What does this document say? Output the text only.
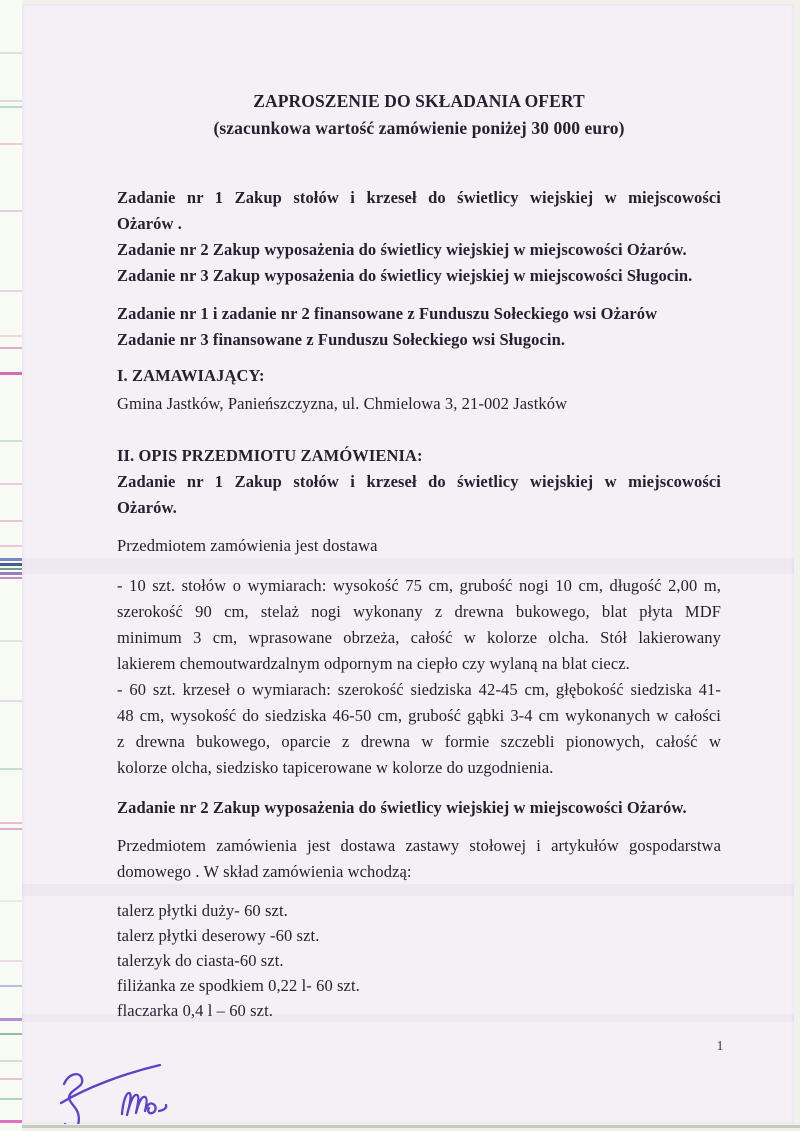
ZAPROSZENIE DO SKŁADANIA OFERT
(szacunkowa wartość zamówienie poniżej 30 000 euro)
Zadanie nr 1 Zakup stołów i krzeseł do świetlicy wiejskiej w miejscowości
Ożarów .
Zadanie nr 2 Zakup wyposażenia do świetlicy wiejskiej w miejscowości Ożarów.
Zadanie nr 3 Zakup wyposażenia do świetlicy wiejskiej w miejscowości Sługocin.
Zadanie nr 1 i zadanie nr 2 finansowane z Funduszu Sołeckiego wsi Ożarów
Zadanie nr 3 finansowane z Funduszu Sołeckiego wsi Sługocin.
I. ZAMAWIAJĄCY:
Gmina Jastków, Panieńszczyzna, ul. Chmielowa 3, 21-002 Jastków
II. OPIS PRZEDMIOTU ZAMÓWIENIA:
Zadanie nr 1 Zakup stołów i krzeseł do świetlicy wiejskiej w miejscowości
Ożarów.
Przedmiotem zamówienia jest dostawa
- 10 szt. stołów o wymiarach: wysokość 75 cm, grubość nogi 10 cm, długość 2,00 m,
szerokość 90 cm, stelaż nogi wykonany z drewna bukowego, blat płyta MDF
minimum 3 cm, wprasowane obrzeża, całość w kolorze olcha. Stół lakierowany
lakierem chemoutwardzalnym odpornym na ciepło czy wylaną na blat ciecz.
- 60 szt. krzeseł o wymiarach: szerokość siedziska 42-45 cm, głębokość siedziska 41-
48 cm, wysokość do siedziska 46-50 cm, grubość gąbki 3-4 cm wykonanych w całości
z drewna bukowego, oparcie z drewna w formie szczebli pionowych, całość w
kolorze olcha, siedzisko tapicerowane w kolorze do uzgodnienia.
Zadanie nr 2 Zakup wyposażenia do świetlicy wiejskiej w miejscowości Ożarów.
Przedmiotem zamówienia jest dostawa zastawy stołowej i artykułów gospodarstwa
domowego . W skład zamówienia wchodzą:
talerz płytki duży- 60 szt.
talerz płytki deserowy -60 szt.
talerzyk do ciasta-60 szt.
filiżanka ze spodkiem 0,22 l- 60 szt.
flaczarka 0,4 l – 60 szt.
1
